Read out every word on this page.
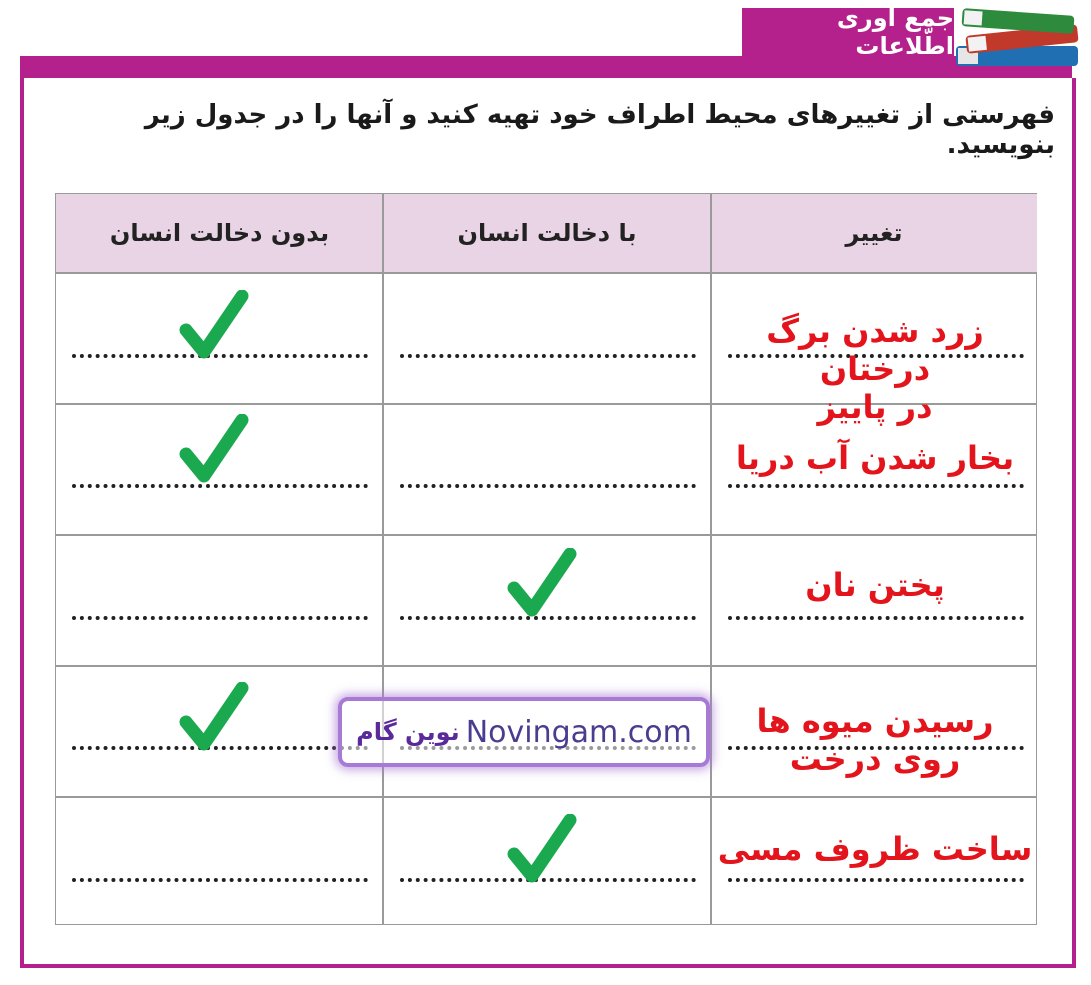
جمع آوری اطّلاعات
فهرستی از تغییرهای محیط اطراف خود تهیه کنید و آنها را در جدول زیر بنویسید.
تغییر
با دخالت انسان
بدون دخالت انسان
زرد شدن برگ درختان
در پاییز
بخار شدن آب دریا
پختن نان
رسیدن میوه ها
روی درخت
ساخت ظروف مسی
نوین گام Novingam.com
